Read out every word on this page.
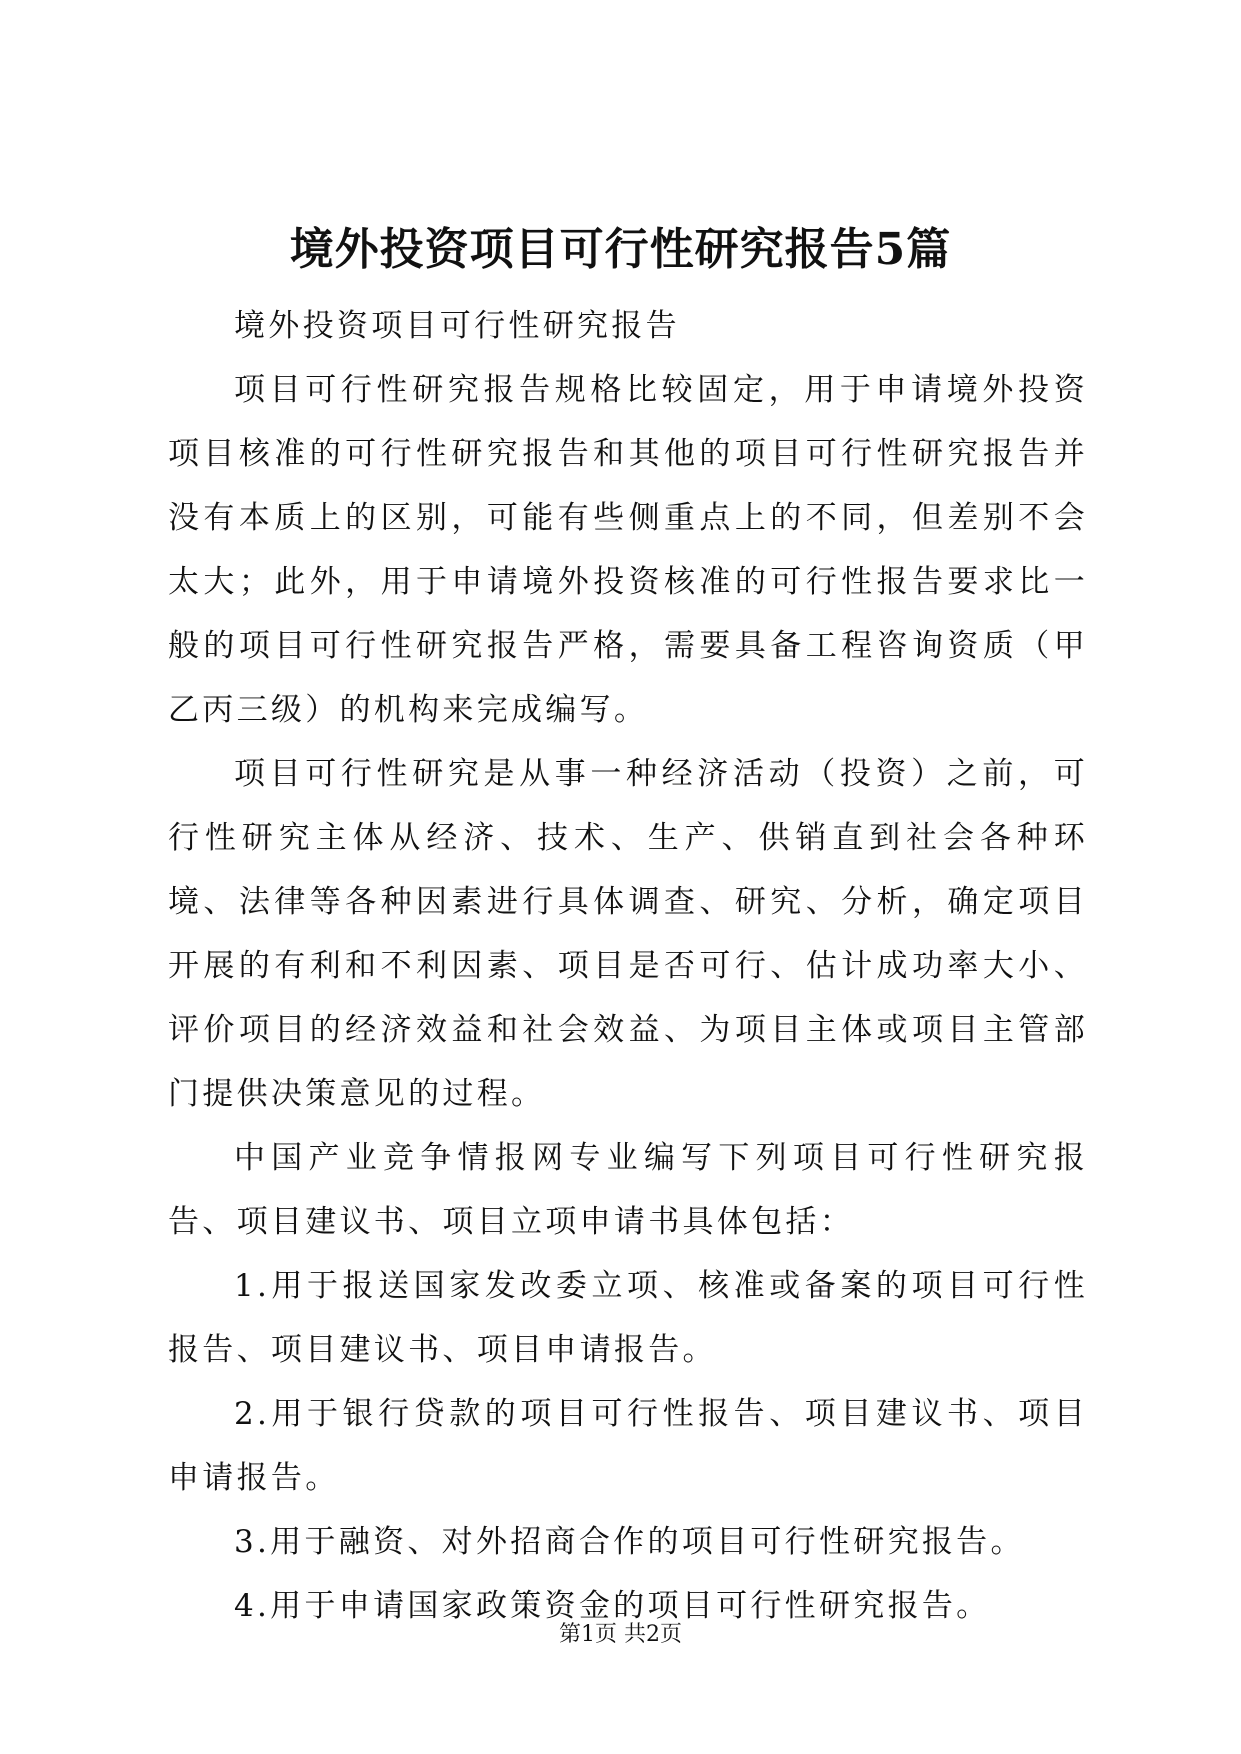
境外投资项目可行性研究报告5篇

境外投资项目可行性研究报告

项目可行性研究报告规格比较固定，用于申请境外投资项目核准的可行性研究报告和其他的项目可行性研究报告并没有本质上的区别，可能有些侧重点上的不同，但差别不会太大；此外，用于申请境外投资核准的可行性报告要求比一般的项目可行性研究报告严格，需要具备工程咨询资质（甲乙丙三级）的机构来完成编写。

项目可行性研究是从事一种经济活动（投资）之前，可行性研究主体从经济、技术、生产、供销直到社会各种环境、法律等各种因素进行具体调查、研究、分析，确定项目开展的有利和不利因素、项目是否可行、估计成功率大小、评价项目的经济效益和社会效益、为项目主体或项目主管部门提供决策意见的过程。

中国产业竞争情报网专业编写下列项目可行性研究报告、项目建议书、项目立项申请书具体包括：

1.用于报送国家发改委立项、核准或备案的项目可行性报告、项目建议书、项目申请报告。

2.用于银行贷款的项目可行性报告、项目建议书、项目申请报告。

3.用于融资、对外招商合作的项目可行性研究报告。

4.用于申请国家政策资金的项目可行性研究报告。

第1页 共2页
